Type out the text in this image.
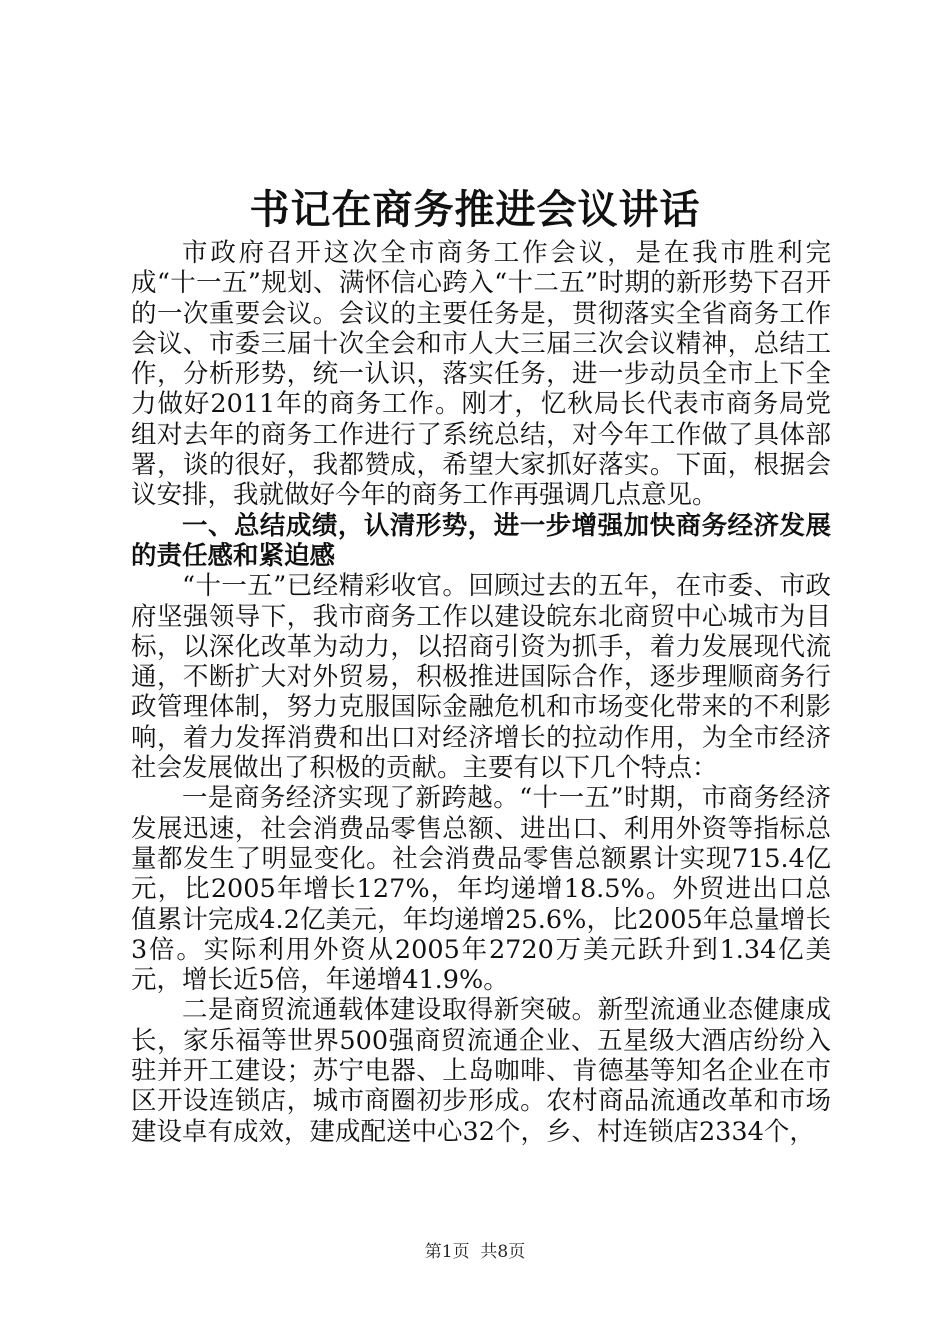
书记在商务推进会议讲话

市政府召开这次全市商务工作会议，是在我市胜利完成“十一五”规划、满怀信心跨入“十二五”时期的新形势下召开的一次重要会议。会议的主要任务是，贯彻落实全省商务工作会议、市委三届十次全会和市人大三届三次会议精神，总结工作，分析形势，统一认识，落实任务，进一步动员全市上下全力做好2011年的商务工作。刚才，忆秋局长代表市商务局党组对去年的商务工作进行了系统总结，对今年工作做了具体部署，谈的很好，我都赞成，希望大家抓好落实。下面，根据会议安排，我就做好今年的商务工作再强调几点意见。

一、总结成绩，认清形势，进一步增强加快商务经济发展的责任感和紧迫感

“十一五”已经精彩收官。回顾过去的五年，在市委、市政府坚强领导下，我市商务工作以建设皖东北商贸中心城市为目标，以深化改革为动力，以招商引资为抓手，着力发展现代流通，不断扩大对外贸易，积极推进国际合作，逐步理顺商务行政管理体制，努力克服国际金融危机和市场变化带来的不利影响，着力发挥消费和出口对经济增长的拉动作用，为全市经济社会发展做出了积极的贡献。主要有以下几个特点：

一是商务经济实现了新跨越。“十一五”时期，市商务经济发展迅速，社会消费品零售总额、进出口、利用外资等指标总量都发生了明显变化。社会消费品零售总额累计实现715.4亿元，比2005年增长127%，年均递增18.5%。外贸进出口总值累计完成4.2亿美元，年均递增25.6%，比2005年总量增长3倍。实际利用外资从2005年2720万美元跃升到1.34亿美元，增长近5倍，年递增41.9%。

二是商贸流通载体建设取得新突破。新型流通业态健康成长，家乐福等世界500强商贸流通企业、五星级大酒店纷纷入驻并开工建设；苏宁电器、上岛咖啡、肯德基等知名企业在市区开设连锁店，城市商圈初步形成。农村商品流通改革和市场建设卓有成效，建成配送中心32个，乡、村连锁店2334个，

第1页 共8页
